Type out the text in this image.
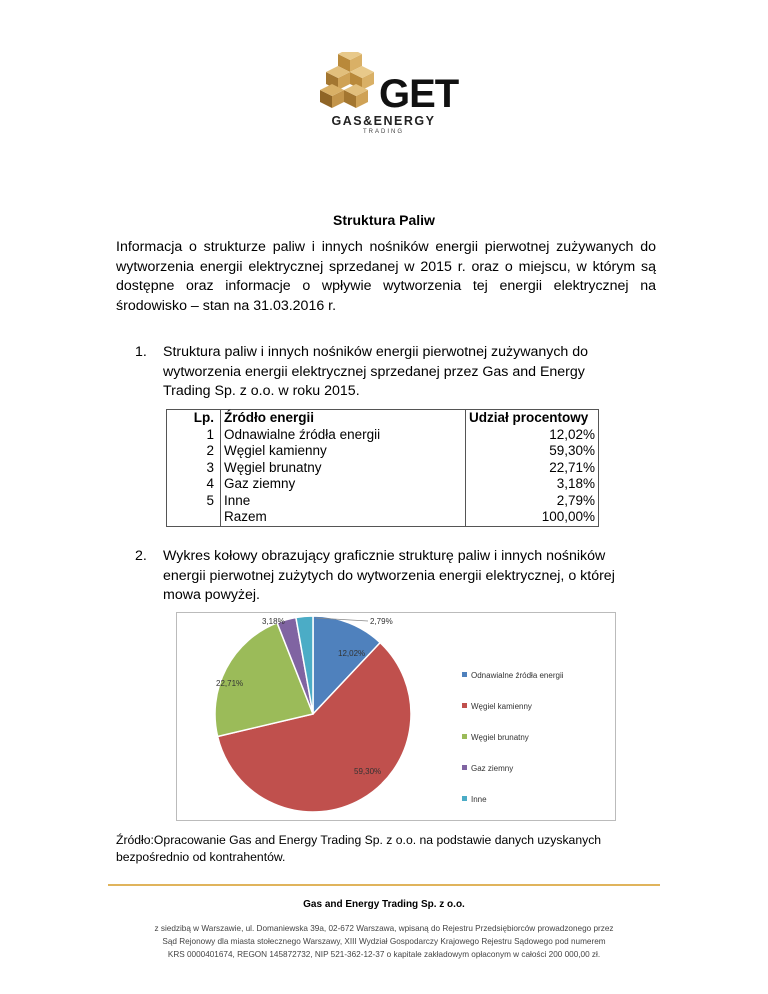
GET
GAS&ENERGY
TRADING
Struktura Paliw
Informacja o strukturze paliw i innych nośników energii pierwotnej zużywanych do wytworzenia energii elektrycznej sprzedanej w 2015 r. oraz o miejscu, w którym są dostępne oraz informacje o wpływie wytworzenia tej energii elektrycznej na środowisko – stan na 31.03.2016 r.
1. Struktura paliw i innych nośników energii pierwotnej zużywanych do wytworzenia energii elektrycznej sprzedanej przez Gas and Energy Trading Sp. z o.o. w roku 2015.
Lp.	Źródło energii	Udział procentowy
1	Odnawialne źródła energii	12,02%
2	Węgiel kamienny	59,30%
3	Węgiel brunatny	22,71%
4	Gaz ziemny	3,18%
5	Inne	2,79%
	Razem	100,00%
2. Wykres kołowy obrazujący graficznie strukturę paliw i innych nośników energii pierwotnej zużytych do wytworzenia energii elektrycznej, o której mowa powyżej.
12,02%
59,30%
22,71%
3,18%	2,79%
Odnawialne źródła energii
Węgiel kamienny
Węgiel brunatny
Gaz ziemny
Inne
Źródło:Opracowanie Gas and Energy Trading Sp. z o.o. na podstawie danych uzyskanych bezpośrednio od kontrahentów.
Gas and Energy Trading Sp. z o.o.
z siedzibą w Warszawie, ul. Domaniewska 39a, 02-672 Warszawa, wpisaną do Rejestru Przedsiębiorców prowadzonego przez
Sąd Rejonowy dla miasta stołecznego Warszawy, XIII Wydział Gospodarczy Krajowego Rejestru Sądowego pod numerem
KRS 0000401674, REGON 145872732, NIP 521-362-12-37 o kapitale zakładowym opłaconym w całości 200 000,00 zł.
